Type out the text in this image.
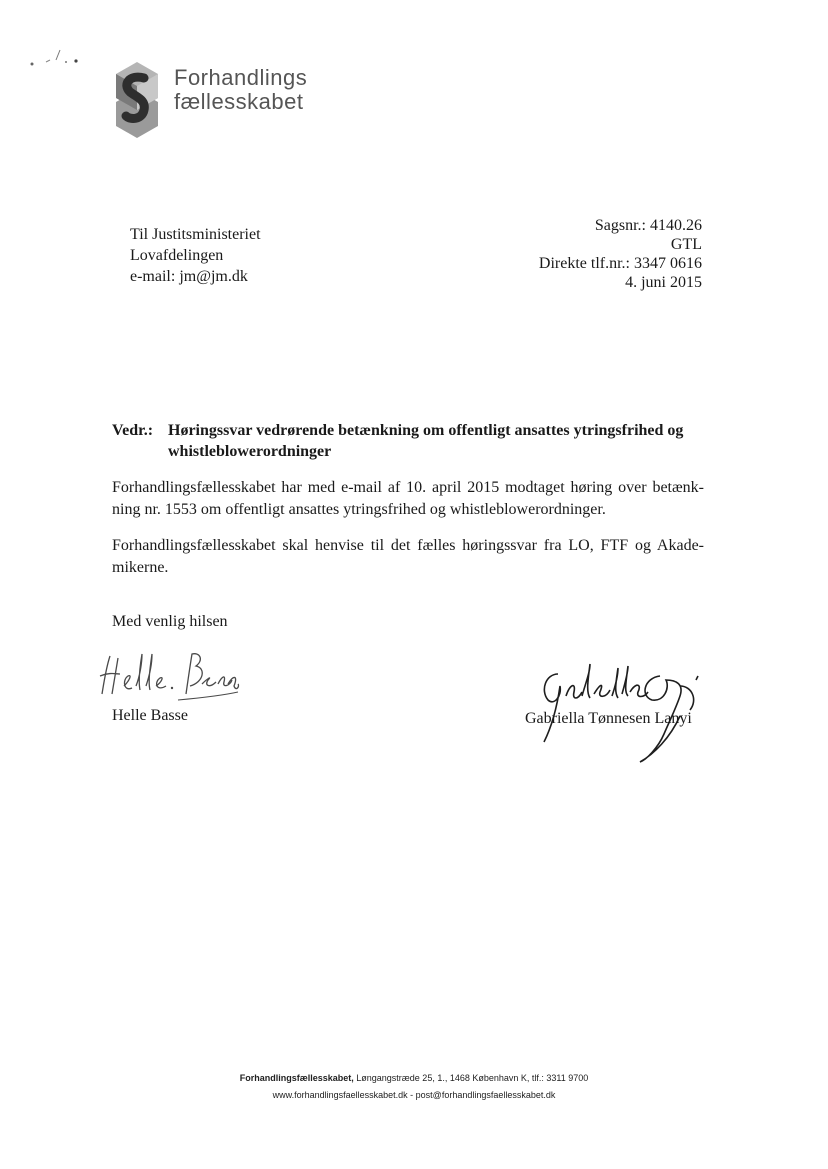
Forhandlings
fællesskabet
Til Justitsministeriet
Lovafdelingen
e-mail: jm@jm.dk
Sagsnr.: 4140.26
GTL
Direkte tlf.nr.: 3347 0616
4. juni 2015
Vedr.: Høringssvar vedrørende betænkning om offentligt ansattes ytringsfrihed og whistleblowerordninger
Forhandlingsfællesskabet har med e-mail af 10. april 2015 modtaget høring over betænk-ning nr. 1553 om offentligt ansattes ytringsfrihed og whistleblowerordninger.
Forhandlingsfællesskabet skal henvise til det fælles høringssvar fra LO, FTF og Akade-mikerne.
Med venlig hilsen
Helle Basse	Gabriella Tønnesen Lanyi
Forhandlingsfællesskabet, Løngangstræde 25, 1., 1468 København K, tlf.: 3311 9700
www.forhandlingsfaellesskabet.dk - post@forhandlingsfaellesskabet.dk
